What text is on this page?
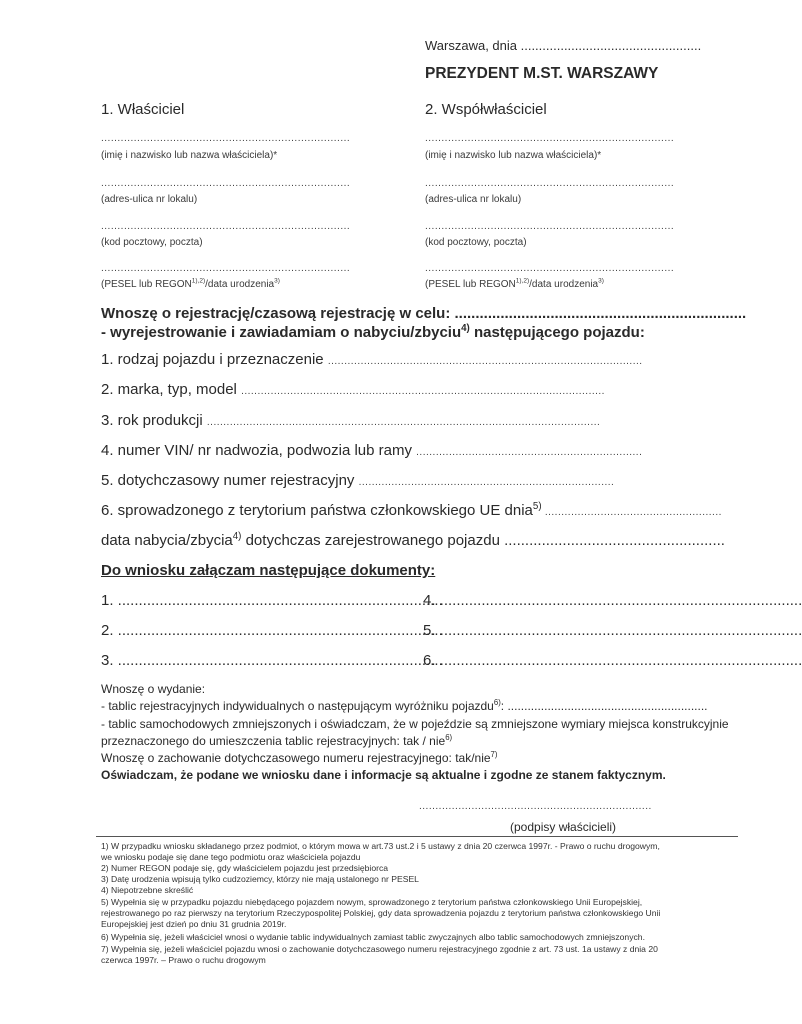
Warszawa, dnia ..................................................
PREZYDENT M.ST. WARSZAWY
1. Właściciel
............................................................................
(imię i nazwisko lub nazwa właściciela)*
............................................................................
(adres-ulica nr lokalu)
............................................................................
(kod pocztowy, poczta)
............................................................................
(PESEL lub $REGON^{1),2)}$/data urodzenia$^{3)}$
2. Współwłaściciel
............................................................................
(imię i nazwisko lub nazwa właściciela)*
............................................................................
(adres-ulica nr lokalu)
............................................................................
(kod pocztowy, poczta)
............................................................................
(PESEL lub $REGON^{1),2)}$/data urodzenia$^{3)}$
Wnoszę o rejestrację/czasową rejestrację w celu: ......................................................................
- wyrejestrowanie i zawiadamiam o nabyciu/zbyciu$^{4)}$ następującego pojazdu:
1. rodzaj pojazdu i przeznaczenie ................................................................................................
2. marka, typ, model ...............................................................................................................
3. rok produkcji ........................................................................................................................
4. numer VIN/ nr nadwozia, podwozia lub ramy .....................................................................
5. dotychczasowy numer rejestracyjny ..............................................................................
6. sprowadzonego z terytorium państwa członkowskiego UE dnia$^{5)}$ ......................................................
data nabycia/zbycia$^{4)}$ dotychczas zarejestrowanego pojazdu .....................................................
Do wniosku załączam następujące dokumenty:
1. ..............................................................................
2. ..............................................................................
3. ..............................................................................
4. .......................................................................................
5. .......................................................................................
6. .......................................................................................
Wnoszę o wydanie:
- tablic rejestracyjnych indywidualnych o następującym wyróżniku pojazdu$^{6)}$: ............................................................
- tablic samochodowych zmniejszonych i oświadczam, że w pojeździe są zmniejszone wymiary miejsca konstrukcyjnie
przeznaczonego do umieszczenia tablic rejestracyjnych: tak / nie$^{6)}$
Wnoszę o zachowanie dotychczasowego numeru rejestracyjnego: tak/nie$^{7)}$
Oświadczam, że podane we wniosku dane i informacje są aktualne i zgodne ze stanem faktycznym.
.......................................................................
(podpisy właścicieli)
1) W przypadku wniosku składanego przez podmiot, o którym mowa w art.73 ust.2 i 5 ustawy z dnia 20 czerwca 1997r. - Prawo o ruchu drogowym,
we wniosku podaje się dane tego podmiotu oraz właściciela pojazdu
2) Numer REGON podaje się, gdy właścicielem pojazdu jest przedsiębiorca
3) Datę urodzenia wpisują tylko cudzoziemcy, którzy nie mają ustalonego nr PESEL
4) Niepotrzebne skreślić
5) Wypełnia się w przypadku pojazdu niebędącego pojazdem nowym, sprowadzonego z terytorium państwa członkowskiego Unii Europejskiej,
rejestrowanego po raz pierwszy na terytorium Rzeczypospolitej Polskiej, gdy data sprowadzenia pojazdu z terytorium państwa członkowskiego Unii
Europejskiej jest dzień po dniu 31 grudnia 2019r.
6) Wypełnia się, jeżeli właściciel wnosi o wydanie tablic indywidualnych zamiast tablic zwyczajnych albo tablic samochodowych zmniejszonych.
7) Wypełnia się, jeżeli właściciel pojazdu wnosi o zachowanie dotychczasowego numeru rejestracyjnego zgodnie z art. 73 ust. 1a ustawy z dnia 20
czerwca 1997r. – Prawo o ruchu drogowym
